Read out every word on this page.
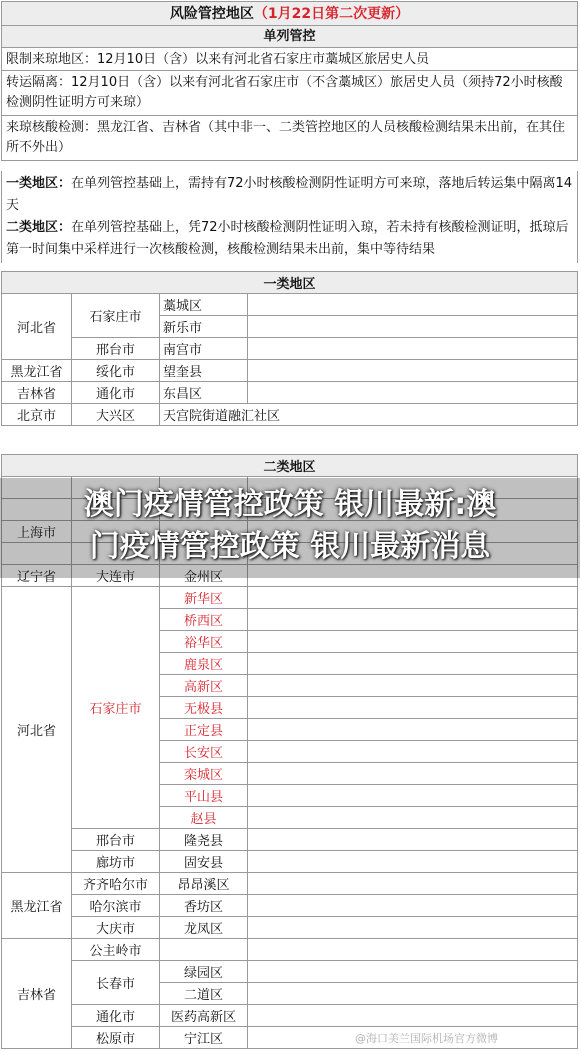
风险管控地区（1月22日第二次更新）
单列管控
限制来琼地区：12月10日（含）以来有河北省石家庄市藁城区旅居史人员
转运隔离：12月10日（含）以来有河北省石家庄市（不含藁城区）旅居史人员（须持72小时核酸检测阴性证明方可来琼）
来琼核酸检测：黑龙江省、吉林省（其中非一、二类管控地区的人员核酸检测结果未出前，在其住所不外出）
一类地区：在单列管控基础上，需持有72小时核酸检测阴性证明方可来琼，落地后转运集中隔离14天
二类地区：在单列管控基础上，凭72小时核酸检测阴性证明入琼，若未持有核酸检测证明，抵琼后第一时间集中采样进行一次核酸检测，核酸检测结果未出前，集中等待结果
一类地区			
河北省	石家庄市	藁城区	
		新乐市	
	邢台市	南宫市	
黑龙江省	绥化市	望奎县	
吉林省	通化市	东昌区	
北京市	大兴区	天宫院街道融汇社区	
二类地区			

上海市			

辽宁省	大连市	金州区	
河北省	石家庄市	新华区	
		桥西区	
		裕华区	
		鹿泉区	
		高新区	
		无极县	
		正定县	
		长安区	
		栾城区	
		平山县	
		赵县	
	邢台市	隆尧县	
	廊坊市	固安县	
黑龙江省	齐齐哈尔市	昂昂溪区	
	哈尔滨市	香坊区	
	大庆市	龙凤区	
吉林省	公主岭市		
	长春市	绿园区	
		二道区	
	通化市	医药高新区	
	松原市	宁江区	
澳门疫情管控政策 银川最新:澳
门疫情管控政策 银川最新消息
@海口美兰国际机场官方微博
